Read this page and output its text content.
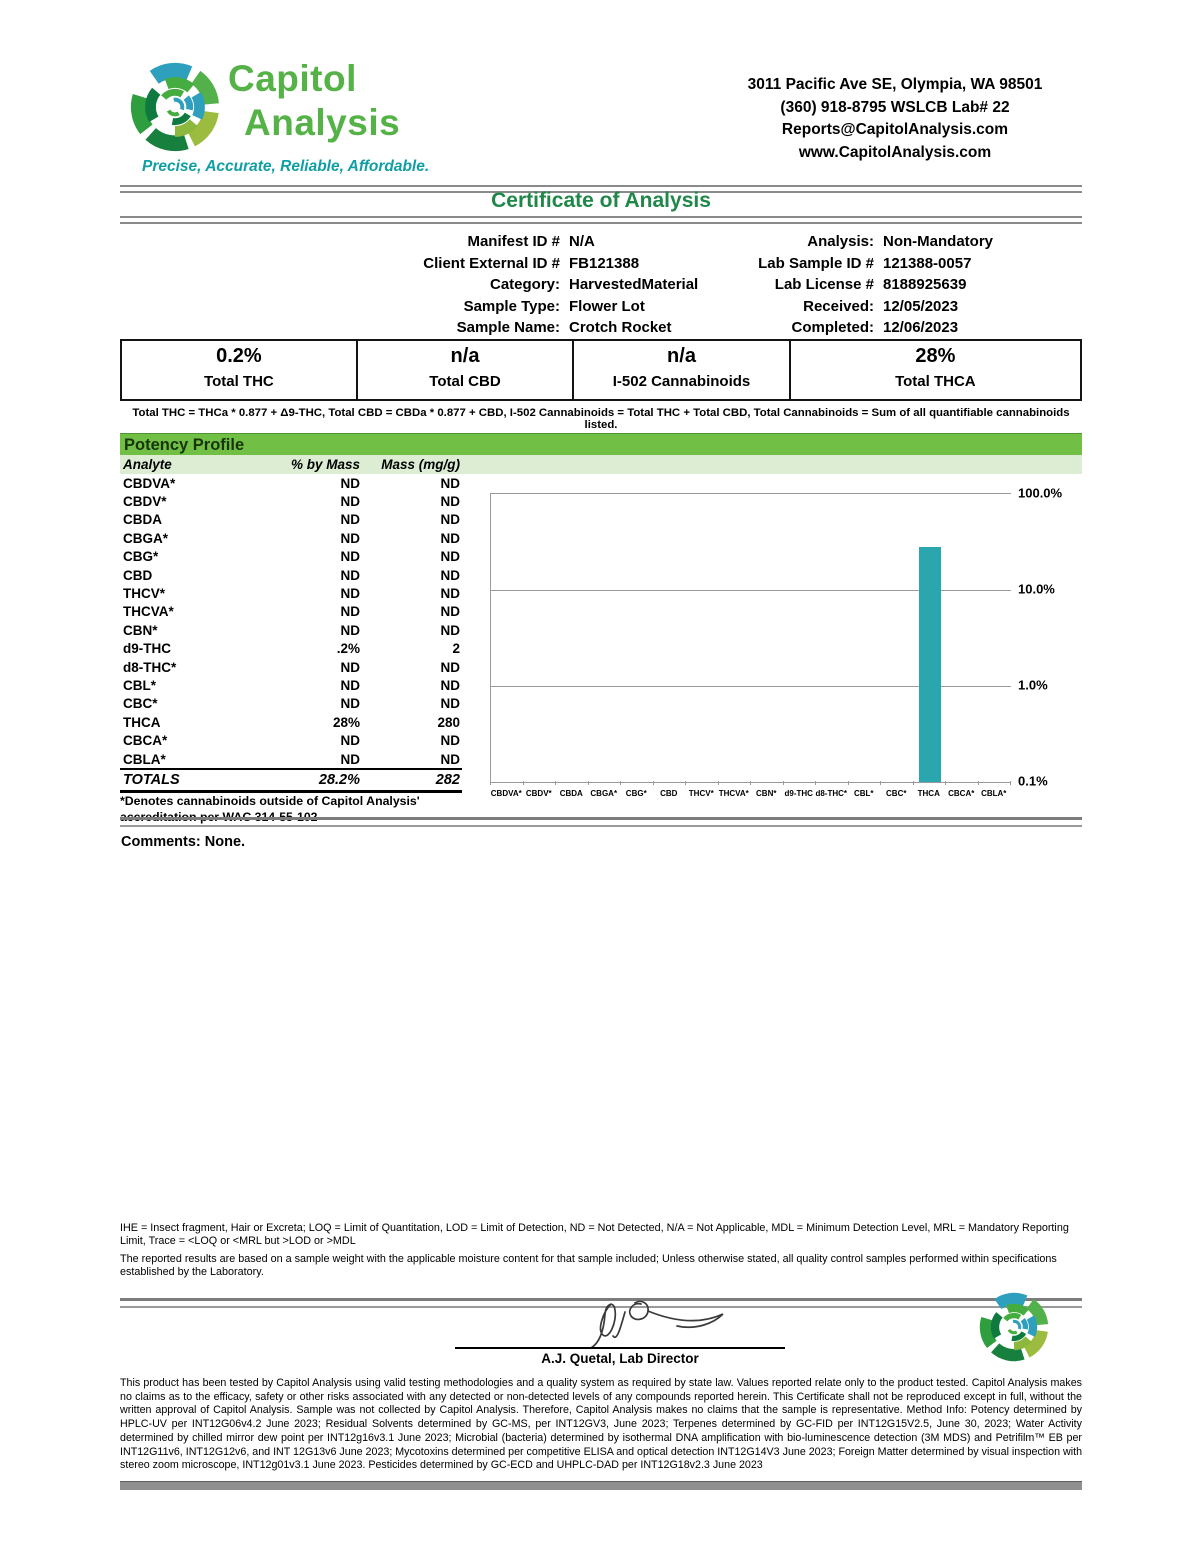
Capitol
Analysis
Precise, Accurate, Reliable, Affordable.
3011 Pacific Ave SE, Olympia, WA 98501
(360) 918-8795 WSLCB Lab# 22
Reports@CapitolAnalysis.com
www.CapitolAnalysis.com
Certificate of Analysis
Manifest ID # N/A
Client External ID # FB121388
Category: HarvestedMaterial
Sample Type: Flower Lot
Sample Name: Crotch Rocket
Analysis: Non-Mandatory
Lab Sample ID # 121388-0057
Lab License # 8188925639
Received: 12/05/2023
Completed: 12/06/2023
0.2%
Total THC
n/a
Total CBD
n/a
I-502 Cannabinoids
28%
Total THCA
Total THC = THCa * 0.877 + Δ9-THC, Total CBD = CBDa * 0.877 + CBD, I-502 Cannabinoids = Total THC + Total CBD, Total Cannabinoids = Sum of all quantifiable cannabinoids listed.
Potency Profile
Analyte	% by Mass	Mass (mg/g)
CBDVA*	ND	ND
CBDV*	ND	ND
CBDA	ND	ND
CBGA*	ND	ND
CBG*	ND	ND
CBD	ND	ND
THCV*	ND	ND
THCVA*	ND	ND
CBN*	ND	ND
d9-THC	.2%	2
d8-THC*	ND	ND
CBL*	ND	ND
CBC*	ND	ND
THCA	28%	280
CBCA*	ND	ND
CBLA*	ND	ND
TOTALS	28.2%	282
*Denotes cannabinoids outside of Capitol Analysis' accreditation per WAC 314-55-102
100.0%
10.0%
1.0%
0.1%
CBDVA* CBDV* CBDA CBGA* CBG* CBD THCV* THCVA* CBN* d9-THC d8-THC* CBL* CBC* THCA CBCA* CBLA*
Comments: None.

IHE = Insect fragment, Hair or Excreta; LOQ = Limit of Quantitation, LOD = Limit of Detection, ND = Not Detected, N/A = Not Applicable, MDL = Minimum Detection Level, MRL = Mandatory Reporting Limit, Trace = <LOQ or <MRL but >LOD or >MDL

The reported results are based on a sample weight with the applicable moisture content for that sample included; Unless otherwise stated, all quality control samples performed within specifications established by the Laboratory.

A.J. Quetal, Lab Director
This product has been tested by Capitol Analysis using valid testing methodologies and a quality system as required by state law. Values reported relate only to the product tested. Capitol Analysis makes no claims as to the efficacy, safety or other risks associated with any detected or non-detected levels of any compounds reported herein. This Certificate shall not be reproduced except in full, without the written approval of Capitol Analysis. Sample was not collected by Capitol Analysis. Therefore, Capitol Analysis makes no claims that the sample is representative. Method Info: Potency determined by HPLC-UV per INT12G06v4.2 June 2023; Residual Solvents determined by GC-MS, per INT12GV3, June 2023; Terpenes determined by GC-FID per INT12G15V2.5, June 30, 2023; Water Activity determined by chilled mirror dew point per INT12g16v3.1 June 2023; Microbial (bacteria) determined by isothermal DNA amplification with bio-luminescence detection (3M MDS) and Petrifilm™ EB per INT12G11v6, INT12G12v6, and INT 12G13v6 June 2023; Mycotoxins determined per competitive ELISA and optical detection INT12G14V3 June 2023; Foreign Matter determined by visual inspection with stereo zoom microscope, INT12g01v3.1 June 2023. Pesticides determined by GC-ECD and UHPLC-DAD per INT12G18v2.3 June 2023
